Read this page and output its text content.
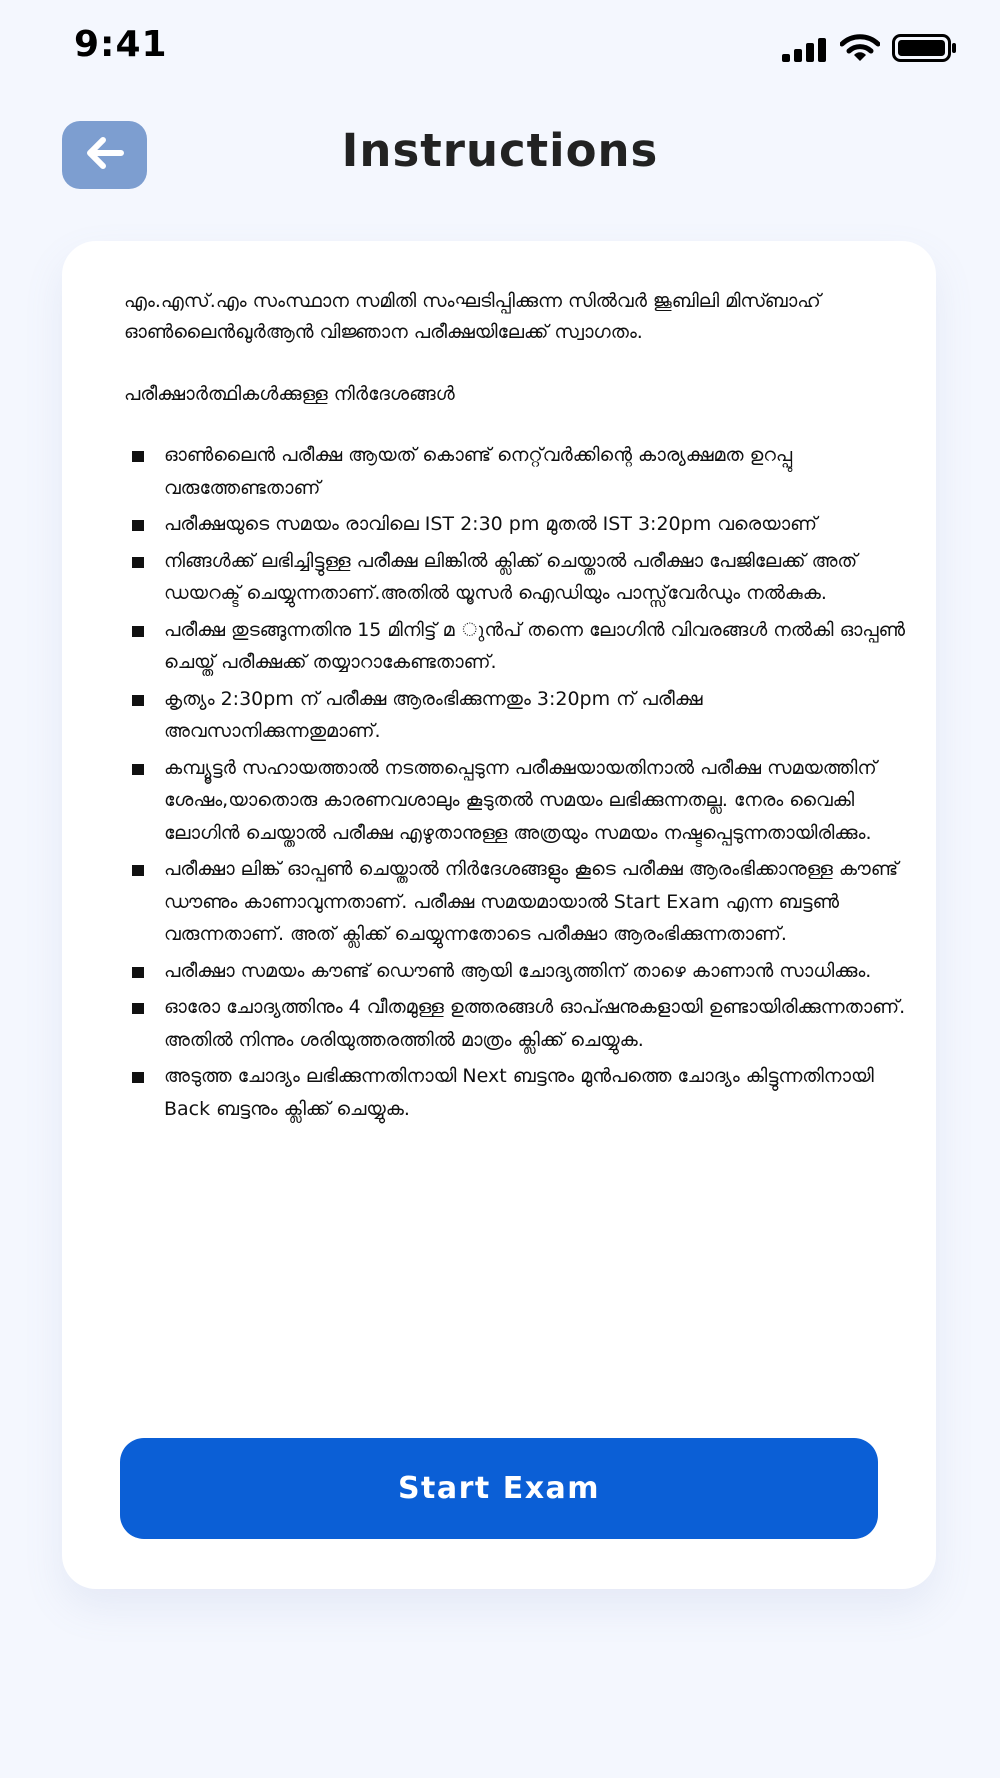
9:41
Instructions

എം.എസ്.എം സംസ്ഥാന സമിതി സംഘടിപ്പിക്കുന്ന സിൽവർ ജൂബിലി മിസ്ബാഹ് ഓൺലൈൻഖുർആൻ വിജ്ഞാന പരീക്ഷയിലേക്ക് സ്വാഗതം.

പരീക്ഷാർത്ഥികൾക്കുള്ള നിർദേശങ്ങൾ

ഓൺലൈൻ പരീക്ഷ ആയത് കൊണ്ട് നെറ്റ്‌വർക്കിന്റെ കാര്യക്ഷമത ഉറപ്പു വരുത്തേണ്ടതാണ്
പരീക്ഷയുടെ സമയം രാവിലെ IST 2:30 pm മുതൽ IST 3:20pm വരെയാണ്
നിങ്ങൾക്ക് ലഭിച്ചിട്ടുള്ള പരീക്ഷ ലിങ്കിൽ ക്ലിക്ക് ചെയ്താൽ പരീക്ഷാ പേജിലേക്ക് അത് ഡയറക്ട് ചെയ്യുന്നതാണ്.അതിൽ യൂസർ ഐഡിയും പാസ്സ്‌വേർഡും നൽകുക.
പരീക്ഷ തുടങ്ങുന്നതിനു 15 മിനിട്ട് മ ുൻപ് തന്നെ ലോഗിൻ വിവരങ്ങൾ നൽകി ഓപ്പൺ ചെയ്ത് പരീക്ഷക്ക് തയ്യാറാകേണ്ടതാണ്.
കൃത്യം 2:30pm ന് പരീക്ഷ ആരംഭിക്കുന്നതും 3:20pm ന് പരീക്ഷ അവസാനിക്കുന്നതുമാണ്.
കമ്പ്യൂട്ടർ സഹായത്താൽ നടത്തപ്പെടുന്ന പരീക്ഷയായതിനാൽ പരീക്ഷ സമയത്തിന് ശേഷം,യാതൊരു കാരണവശാലും കൂടുതൽ സമയം ലഭിക്കുന്നതല്ല. നേരം വൈകി ലോഗിൻ ചെയ്താൽ പരീക്ഷ എഴുതാനുള്ള അത്രയും സമയം നഷ്ടപ്പെടുന്നതായിരിക്കും.
പരീക്ഷാ ലിങ്ക് ഓപ്പൺ ചെയ്താൽ നിർദേശങ്ങളും കൂടെ പരീക്ഷ ആരംഭിക്കാനുള്ള കൗണ്ട് ഡൗണും കാണാവുന്നതാണ്. പരീക്ഷ സമയമായാൽ Start Exam എന്ന ബട്ടൺ വരുന്നതാണ്. അത് ക്ലിക്ക് ചെയ്യുന്നതോടെ പരീക്ഷാ ആരംഭിക്കുന്നതാണ്.
പരീക്ഷാ സമയം കൗണ്ട് ഡൌൺ ആയി ചോദ്യത്തിന് താഴെ കാണാൻ സാധിക്കും.
ഓരോ ചോദ്യത്തിനും 4 വീതമുള്ള ഉത്തരങ്ങൾ ഓപ്ഷനുകളായി ഉണ്ടായിരിക്കുന്നതാണ്. അതിൽ നിന്നും ശരിയുത്തരത്തിൽ മാത്രം ക്ലിക്ക് ചെയ്യുക.
അടുത്ത ചോദ്യം ലഭിക്കുന്നതിനായി Next ബട്ടനും മുൻപത്തെ ചോദ്യം കിട്ടുന്നതിനായി Back ബട്ടനും ക്ലിക്ക് ചെയ്യുക.
Start Exam
